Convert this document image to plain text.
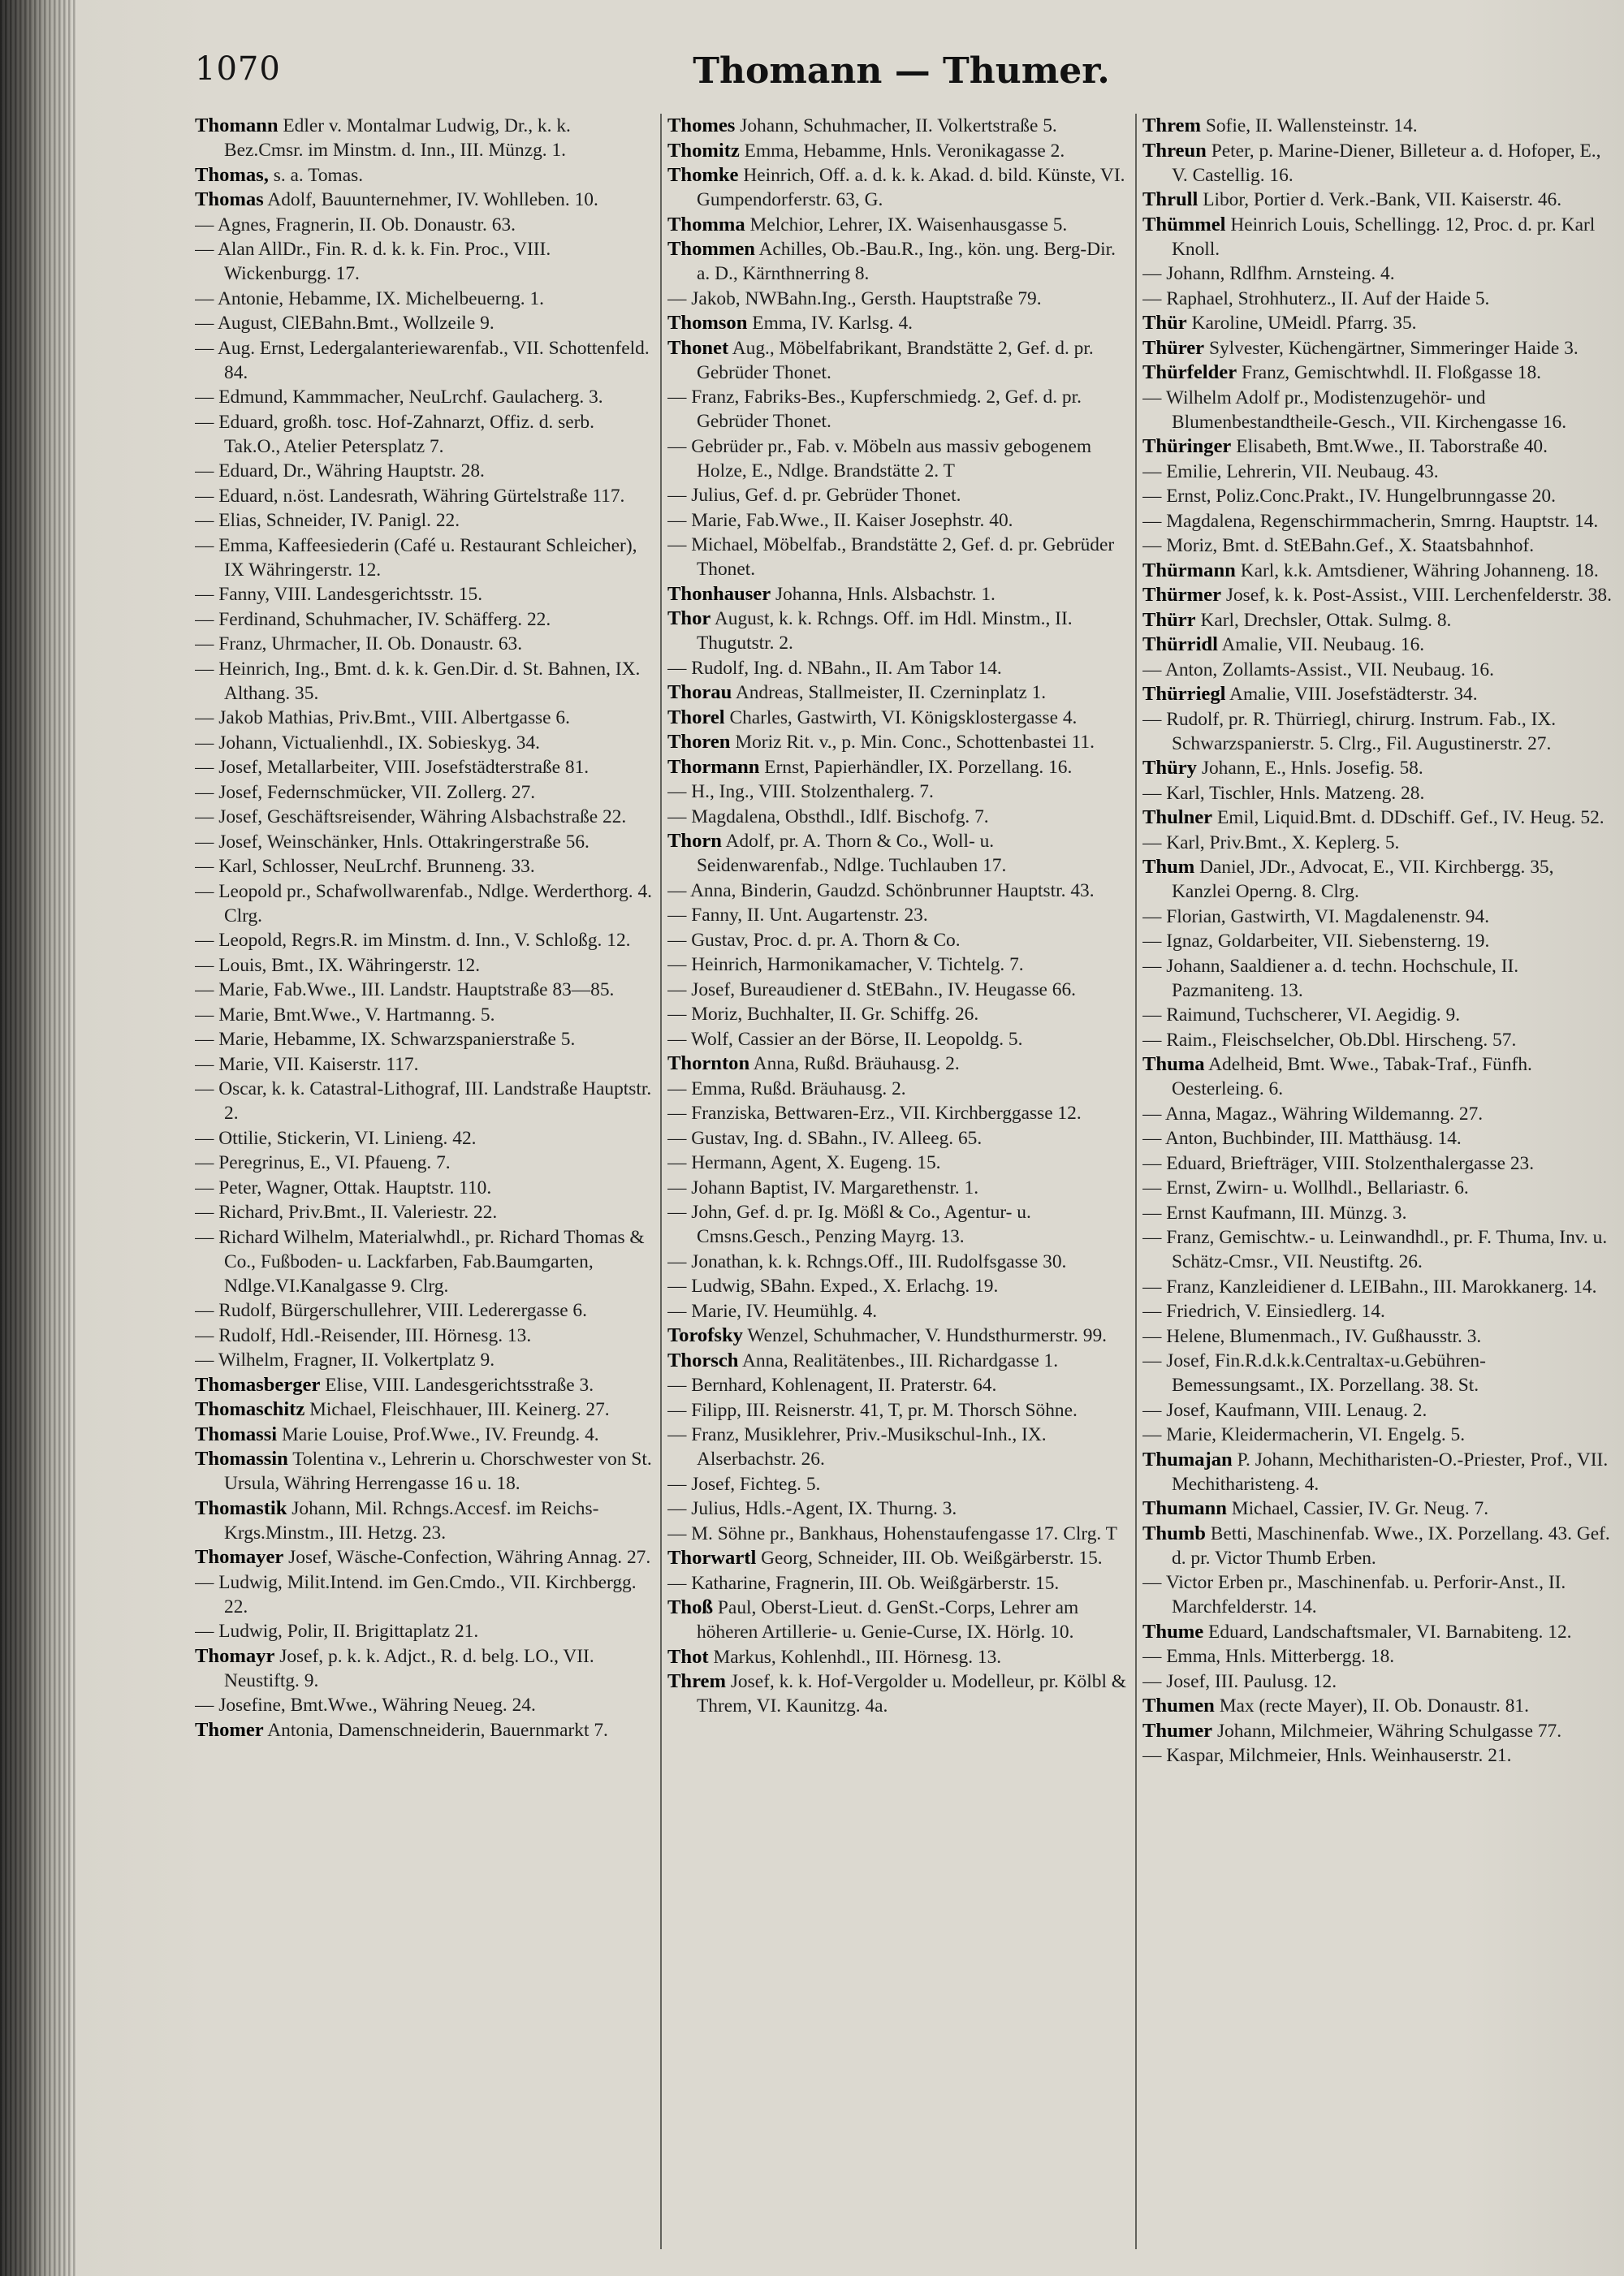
1070	Thomann — Thumer.
Thomann Edler v. Montalmar Ludwig, Dr., k. k. Bez.Cmsr. im Minstm. d. Inn., III. Münzg. 1.
Thomas, s. a. Tomas.
Thomas Adolf, Bauunternehmer, IV. Wohlleben. 10.
— Agnes, Fragnerin, II. Ob. Donaustr. 63.
— Alan AllDr., Fin. R. d. k. k. Fin. Proc., VIII. Wickenburgg. 17.
— Antonie, Hebamme, IX. Michelbeuerng. 1.
— August, ClEBahn.Bmt., Wollzeile 9.
— Aug. Ernst, Ledergalanteriewarenfab., VII. Schottenfeld. 84.
— Edmund, Kammmacher, NeuLrchf. Gaulacherg. 3.
— Eduard, großh. tosc. Hof-Zahnarzt, Offiz. d. serb. Tak.O., Atelier Petersplatz 7.
— Eduard, Dr., Währing Hauptstr. 28.
— Eduard, n.öst. Landesrath, Währing Gürtelstraße 117.
— Elias, Schneider, IV. Panigl. 22.
— Emma, Kaffeesiederin (Café u. Restaurant Schleicher), IX Währingerstr. 12.
— Fanny, VIII. Landesgerichtsstr. 15.
— Ferdinand, Schuhmacher, IV. Schäfferg. 22.
— Franz, Uhrmacher, II. Ob. Donaustr. 63.
— Heinrich, Ing., Bmt. d. k. k. Gen.Dir. d. St. Bahnen, IX. Althang. 35.
— Jakob Mathias, Priv.Bmt., VIII. Albertgasse 6.
— Johann, Victualienhdl., IX. Sobieskyg. 34.
— Josef, Metallarbeiter, VIII. Josefstädterstraße 81.
— Josef, Federnschmücker, VII. Zollerg. 27.
— Josef, Geschäftsreisender, Währing Alsbachstraße 22.
— Josef, Weinschänker, Hnls. Ottakringerstraße 56.
— Karl, Schlosser, NeuLrchf. Brunneng. 33.
— Leopold pr., Schafwollwarenfab., Ndlge. Werderthorg. 4. Clrg.
— Leopold, Regrs.R. im Minstm. d. Inn., V. Schloßg. 12.
— Louis, Bmt., IX. Währingerstr. 12.
— Marie, Fab.Wwe., III. Landstr. Hauptstraße 83—85.
— Marie, Bmt.Wwe., V. Hartmanng. 5.
— Marie, Hebamme, IX. Schwarzspanierstraße 5.
— Marie, VII. Kaiserstr. 117.
— Oscar, k. k. Catastral-Lithograf, III. Landstraße Hauptstr. 2.
— Ottilie, Stickerin, VI. Linieng. 42.
— Peregrinus, E., VI. Pfaueng. 7.
— Peter, Wagner, Ottak. Hauptstr. 110.
— Richard, Priv.Bmt., II. Valeriestr. 22.
— Richard Wilhelm, Materialwhdl., pr. Richard Thomas & Co., Fußboden- u. Lackfarben, Fab.Baumgarten, Ndlge.VI.Kanalgasse 9. Clrg.
— Rudolf, Bürgerschullehrer, VIII. Lederergasse 6.
— Rudolf, Hdl.-Reisender, III. Hörnesg. 13.
— Wilhelm, Fragner, II. Volkertplatz 9.
Thomasberger Elise, VIII. Landesgerichtsstraße 3.
Thomaschitz Michael, Fleischhauer, III. Keinerg. 27.
Thomassi Marie Louise, Prof.Wwe., IV. Freundg. 4.
Thomassin Tolentina v., Lehrerin u. Chorschwester von St. Ursula, Währing Herrengasse 16 u. 18.
Thomastik Johann, Mil. Rchngs.Accesf. im Reichs-Krgs.Minstm., III. Hetzg. 23.
Thomayer Josef, Wäsche-Confection, Währing Annag. 27.
— Ludwig, Milit.Intend. im Gen.Cmdo., VII. Kirchbergg. 22.
— Ludwig, Polir, II. Brigittaplatz 21.
Thomayr Josef, p. k. k. Adjct., R. d. belg. LO., VII. Neustiftg. 9.
— Josefine, Bmt.Wwe., Währing Neueg. 24.
Thomer Antonia, Damenschneiderin, Bauernmarkt 7.
Thomes Johann, Schuhmacher, II. Volkertstraße 5.
Thomitz Emma, Hebamme, Hnls. Veronikagasse 2.
Thomke Heinrich, Off. a. d. k. k. Akad. d. bild. Künste, VI. Gumpendorferstr. 63, G.
Thomma Melchior, Lehrer, IX. Waisenhausgasse 5.
Thommen Achilles, Ob.-Bau.R., Ing., kön. ung. Berg-Dir. a. D., Kärnthnerring 8.
— Jakob, NWBahn.Ing., Gersth. Hauptstraße 79.
Thomson Emma, IV. Karlsg. 4.
Thonet Aug., Möbelfabrikant, Brandstätte 2, Gef. d. pr. Gebrüder Thonet.
— Franz, Fabriks-Bes., Kupferschmiedg. 2, Gef. d. pr. Gebrüder Thonet.
— Gebrüder pr., Fab. v. Möbeln aus massiv gebogenem Holze, E., Ndlge. Brandstätte 2. T
— Julius, Gef. d. pr. Gebrüder Thonet.
— Marie, Fab.Wwe., II. Kaiser Josephstr. 40.
— Michael, Möbelfab., Brandstätte 2, Gef. d. pr. Gebrüder Thonet.
Thonhauser Johanna, Hnls. Alsbachstr. 1.
Thor August, k. k. Rchngs. Off. im Hdl. Minstm., II. Thugutstr. 2.
— Rudolf, Ing. d. NBahn., II. Am Tabor 14.
Thorau Andreas, Stallmeister, II. Czerninplatz 1.
Thorel Charles, Gastwirth, VI. Königsklostergasse 4.
Thoren Moriz Rit. v., p. Min. Conc., Schottenbastei 11.
Thormann Ernst, Papierhändler, IX. Porzellang. 16.
— H., Ing., VIII. Stolzenthalerg. 7.
— Magdalena, Obsthdl., Idlf. Bischofg. 7.
Thorn Adolf, pr. A. Thorn & Co., Woll- u. Seidenwarenfab., Ndlge. Tuchlauben 17.
— Anna, Binderin, Gaudzd. Schönbrunner Hauptstr. 43.
— Fanny, II. Unt. Augartenstr. 23.
— Gustav, Proc. d. pr. A. Thorn & Co.
— Heinrich, Harmonikamacher, V. Tichtelg. 7.
— Josef, Bureaudiener d. StEBahn., IV. Heugasse 66.
— Moriz, Buchhalter, II. Gr. Schiffg. 26.
— Wolf, Cassier an der Börse, II. Leopoldg. 5.
Thornton Anna, Rußd. Bräuhausg. 2.
— Emma, Rußd. Bräuhausg. 2.
— Franziska, Bettwaren-Erz., VII. Kirchberggasse 12.
— Gustav, Ing. d. SBahn., IV. Alleeg. 65.
— Hermann, Agent, X. Eugeng. 15.
— Johann Baptist, IV. Margarethenstr. 1.
— John, Gef. d. pr. Ig. Mößl & Co., Agentur- u. Cmsns.Gesch., Penzing Mayrg. 13.
— Jonathan, k. k. Rchngs.Off., III. Rudolfsgasse 30.
— Ludwig, SBahn. Exped., X. Erlachg. 19.
— Marie, IV. Heumühlg. 4.
Torofsky Wenzel, Schuhmacher, V. Hundsthurmerstr. 99.
Thorsch Anna, Realitätenbes., III. Richardgasse 1.
— Bernhard, Kohlenagent, II. Praterstr. 64.
— Filipp, III. Reisnerstr. 41, T, pr. M. Thorsch Söhne.
— Franz, Musiklehrer, Priv.-Musikschul-Inh., IX. Alserbachstr. 26.
— Josef, Fichteg. 5.
— Julius, Hdls.-Agent, IX. Thurng. 3.
— M. Söhne pr., Bankhaus, Hohenstaufengasse 17. Clrg. T
Thorwartl Georg, Schneider, III. Ob. Weißgärberstr. 15.
— Katharine, Fragnerin, III. Ob. Weißgärberstr. 15.
Thoß Paul, Oberst-Lieut. d. GenSt.-Corps, Lehrer am höheren Artillerie- u. Genie-Curse, IX. Hörlg. 10.
Thot Markus, Kohlenhdl., III. Hörnesg. 13.
Threm Josef, k. k. Hof-Vergolder u. Modelleur, pr. Kölbl & Threm, VI. Kaunitzg. 4a.
Threm Sofie, II. Wallensteinstr. 14.
Threun Peter, p. Marine-Diener, Billeteur a. d. Hofoper, E., V. Castellig. 16.
Thrull Libor, Portier d. Verk.-Bank, VII. Kaiserstr. 46.
Thümmel Heinrich Louis, Schellingg. 12, Proc. d. pr. Karl Knoll.
— Johann, Rdlfhm. Arnsteing. 4.
— Raphael, Strohhuterz., II. Auf der Haide 5.
Thür Karoline, UMeidl. Pfarrg. 35.
Thürer Sylvester, Küchengärtner, Simmeringer Haide 3.
Thürfelder Franz, Gemischtwhdl. II. Floßgasse 18.
— Wilhelm Adolf pr., Modistenzugehör- und Blumenbestandtheile-Gesch., VII. Kirchengasse 16.
Thüringer Elisabeth, Bmt.Wwe., II. Taborstraße 40.
— Emilie, Lehrerin, VII. Neubaug. 43.
— Ernst, Poliz.Conc.Prakt., IV. Hungelbrunngasse 20.
— Magdalena, Regenschirmmacherin, Smrng. Hauptstr. 14.
— Moriz, Bmt. d. StEBahn.Gef., X. Staatsbahnhof.
Thürmann Karl, k.k. Amtsdiener, Währing Johanneng. 18.
Thürmer Josef, k. k. Post-Assist., VIII. Lerchenfelderstr. 38.
Thürr Karl, Drechsler, Ottak. Sulmg. 8.
Thürridl Amalie, VII. Neubaug. 16.
— Anton, Zollamts-Assist., VII. Neubaug. 16.
Thürriegl Amalie, VIII. Josefstädterstr. 34.
— Rudolf, pr. R. Thürriegl, chirurg. Instrum. Fab., IX. Schwarzspanierstr. 5. Clrg., Fil. Augustinerstr. 27.
Thüry Johann, E., Hnls. Josefig. 58.
— Karl, Tischler, Hnls. Matzeng. 28.
Thulner Emil, Liquid.Bmt. d. DDschiff. Gef., IV. Heug. 52.
— Karl, Priv.Bmt., X. Keplerg. 5.
Thum Daniel, JDr., Advocat, E., VII. Kirchbergg. 35, Kanzlei Operng. 8. Clrg.
— Florian, Gastwirth, VI. Magdalenenstr. 94.
— Ignaz, Goldarbeiter, VII. Siebensterng. 19.
— Johann, Saaldiener a. d. techn. Hochschule, II. Pazmaniteng. 13.
— Raimund, Tuchscherer, VI. Aegidig. 9.
— Raim., Fleischselcher, Ob.Dbl. Hirscheng. 57.
Thuma Adelheid, Bmt. Wwe., Tabak-Traf., Fünfh. Oesterleing. 6.
— Anna, Magaz., Währing Wildemanng. 27.
— Anton, Buchbinder, III. Matthäusg. 14.
— Eduard, Briefträger, VIII. Stolzenthalergasse 23.
— Ernst, Zwirn- u. Wollhdl., Bellariastr. 6.
— Ernst Kaufmann, III. Münzg. 3.
— Franz, Gemischtw.- u. Leinwandhdl., pr. F. Thuma, Inv. u. Schätz-Cmsr., VII. Neustiftg. 26.
— Franz, Kanzleidiener d. LEIBahn., III. Marokkanerg. 14.
— Friedrich, V. Einsiedlerg. 14.
— Helene, Blumenmach., IV. Gußhausstr. 3.
— Josef, Fin.R.d.k.k.Centraltax-u.Gebühren-Bemessungsamt., IX. Porzellang. 38. St.
— Josef, Kaufmann, VIII. Lenaug. 2.
— Marie, Kleidermacherin, VI. Engelg. 5.
Thumajan P. Johann, Mechitharisten-O.-Priester, Prof., VII. Mechitharisteng. 4.
Thumann Michael, Cassier, IV. Gr. Neug. 7.
Thumb Betti, Maschinenfab. Wwe., IX. Porzellang. 43. Gef. d. pr. Victor Thumb Erben.
— Victor Erben pr., Maschinenfab. u. Perforir-Anst., II. Marchfelderstr. 14.
Thume Eduard, Landschaftsmaler, VI. Barnabiteng. 12.
— Emma, Hnls. Mitterbergg. 18.
— Josef, III. Paulusg. 12.
Thumen Max (recte Mayer), II. Ob. Donaustr. 81.
Thumer Johann, Milchmeier, Währing Schulgasse 77.
— Kaspar, Milchmeier, Hnls. Weinhauserstr. 21.
